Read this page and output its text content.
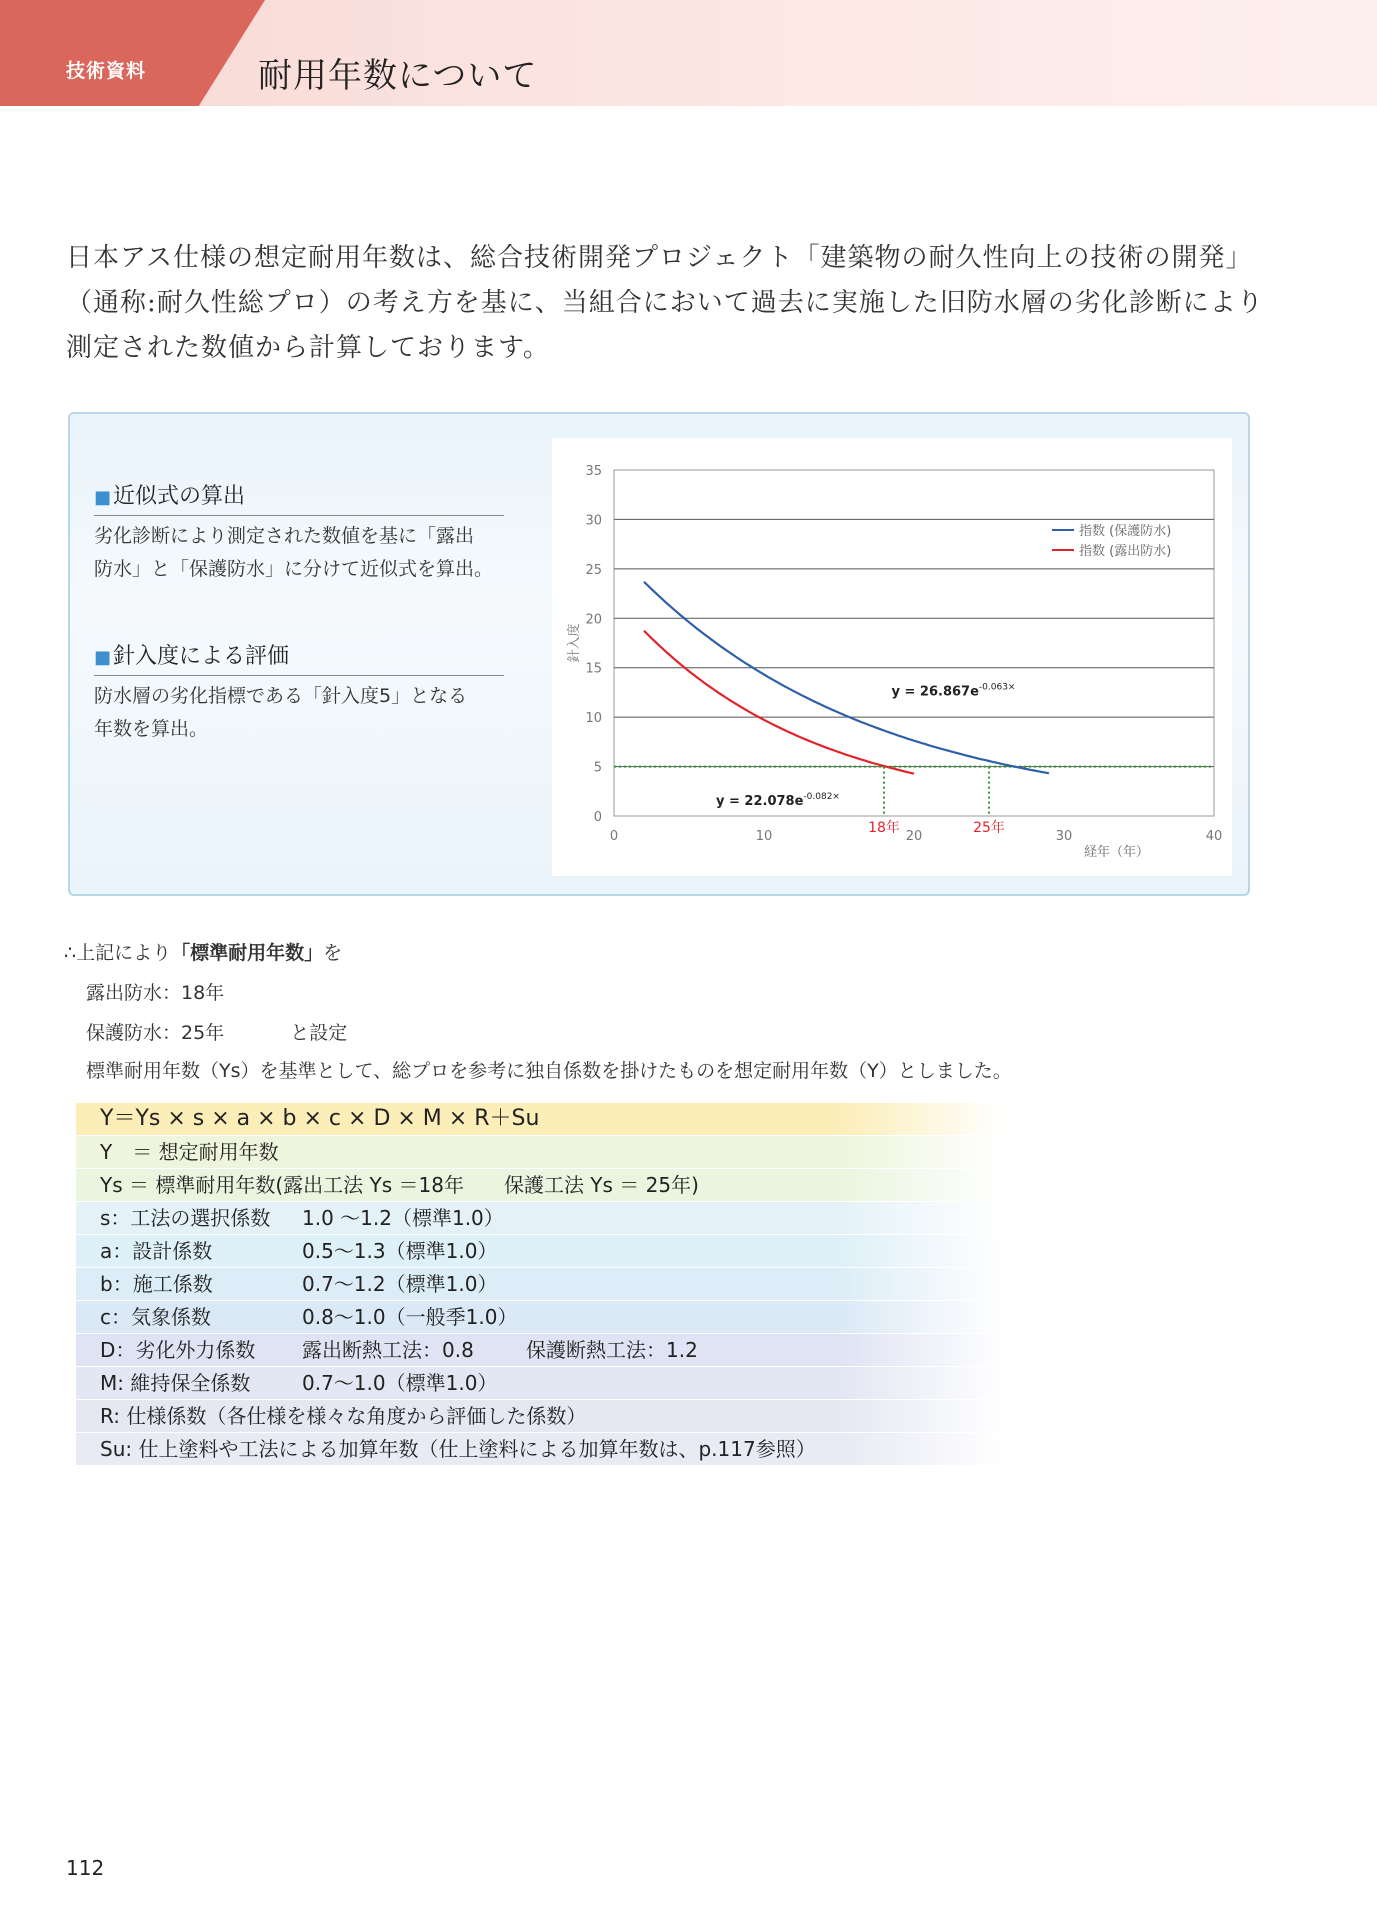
技術資料	耐用年数について

日本アス仕様の想定耐用年数は、総合技術開発プロジェクト「建築物の耐久性向上の技術の開発」

（通称:耐久性総プロ）の考え方を基に、当組合において過去に実施した旧防水層の劣化診断により

測定された数値から計算しております。

■近似式の算出

劣化診断により測定された数値を基に「露出
防水」と「保護防水」に分けて近似式を算出。

■針入度による評価

防水層の劣化指標である「針入度5」となる
年数を算出。

0
5
10
15
20
25
30
35
0	10	20	30	40
経年（年）
針入度
18年	25年
$y = 26.867e^{-0.063\times}$
$y = 22.078e^{-0.082\times}$
指数 (保護防水)
指数 (露出防水)
∴上記により「標準耐用年数」を
露出防水：18年
保護防水：25年	と設定
標準耐用年数（Ys）を基準として、総プロを参考に独自係数を掛けたものを想定耐用年数（Y）としました。
Y＝Ys × s × a × b × c × D × M × R＋Su
Y　＝ 想定耐用年数
Ys ＝ 標準耐用年数(露出工法 Ys ＝18年　　保護工法 Ys ＝ 25年)
s：工法の選択係数 1.0 ～1.2（標準1.0）
a：設計係数	0.5～1.3（標準1.0）
b：施工係数	0.7～1.2（標準1.0）
c：気象係数	0.8～1.0（一般季1.0）
D：劣化外力係数 露出断熱工法：0.8	保護断熱工法：1.2
M: 維持保全係数	0.7～1.0（標準1.0）
R: 仕様係数（各仕様を様々な角度から評価した係数）
Su: 仕上塗料や工法による加算年数（仕上塗料による加算年数は、p.117参照）
112
